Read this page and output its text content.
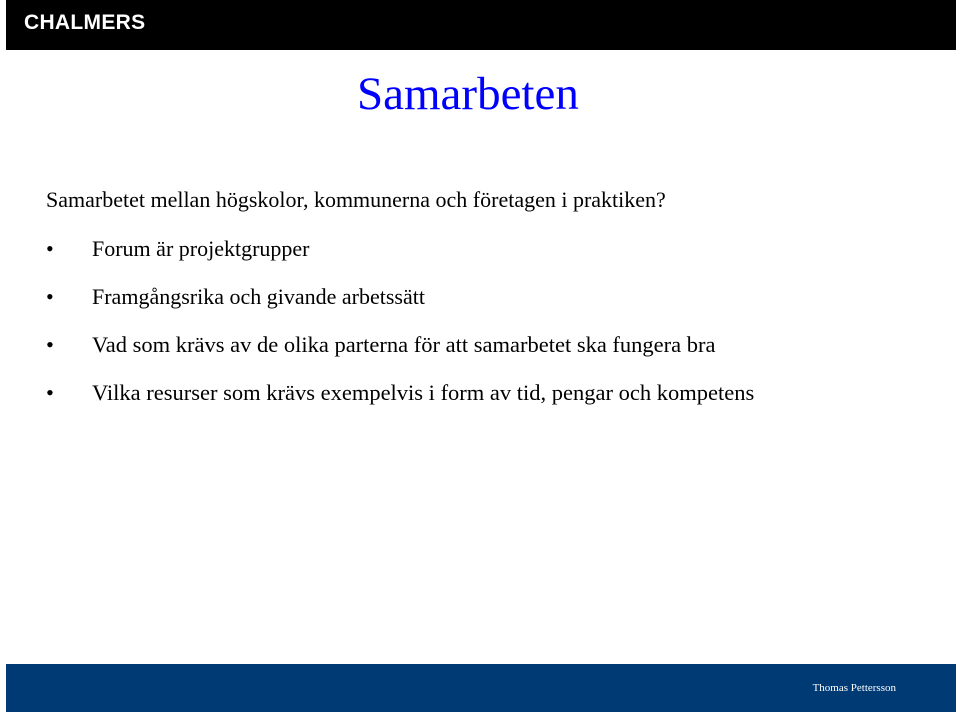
CHALMERS
Samarbeten
Samarbetet mellan högskolor, kommunerna och företagen i praktiken?
• Forum är projektgrupper
• Framgångsrika och givande arbetssätt
• Vad som krävs av de olika parterna för att samarbetet ska fungera bra
• Vilka resurser som krävs exempelvis i form av tid, pengar och kompetens
Thomas Pettersson
